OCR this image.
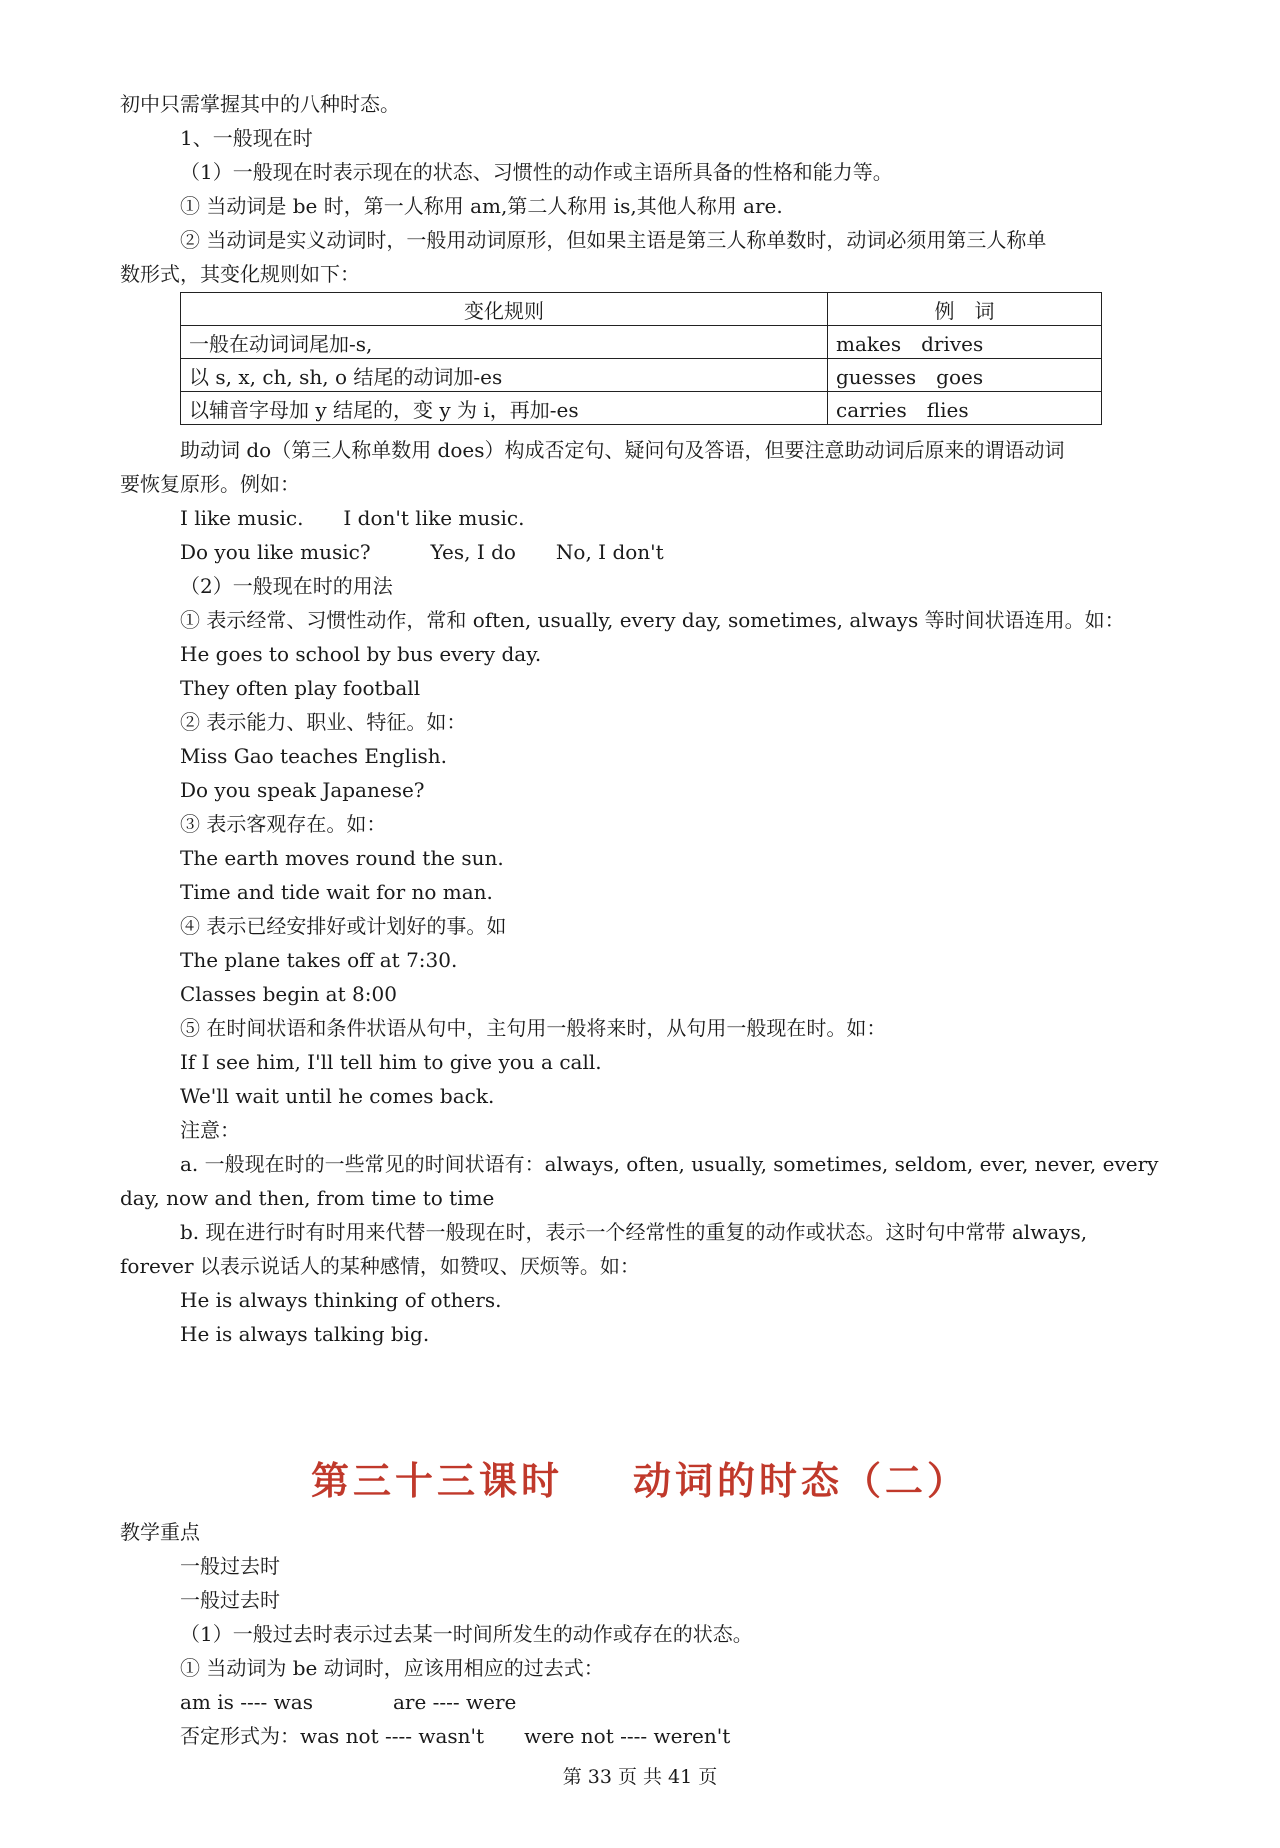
初中只需掌握其中的八种时态。
1、一般现在时
（1）一般现在时表示现在的状态、习惯性的动作或主语所具备的性格和能力等。
① 当动词是 be 时，第一人称用 am,第二人称用 is,其他人称用 are.
② 当动词是实义动词时，一般用动词原形，但如果主语是第三人称单数时，动词必须用第三人称单
数形式，其变化规则如下：
变化规则	例　词
一般在动词词尾加-s,	makes　drives
以 s, x, ch, sh, o 结尾的动词加-es	guesses　goes
以辅音字母加 y 结尾的，变 y 为 i，再加-es	carries　flies
助动词 do（第三人称单数用 does）构成否定句、疑问句及答语，但要注意助动词后原来的谓语动词
要恢复原形。例如：
I like music.　　I don't like music.
Do you like music?　　　Yes, I do　　No, I don't
（2）一般现在时的用法
① 表示经常、习惯性动作，常和 often, usually, every day, sometimes, always 等时间状语连用。如：
He goes to school by bus every day.
They often play football
② 表示能力、职业、特征。如：
Miss Gao teaches English.
Do you speak Japanese?
③ 表示客观存在。如：
The earth moves round the sun.
Time and tide wait for no man.
④ 表示已经安排好或计划好的事。如
The plane takes off at 7:30.
Classes begin at 8:00
⑤ 在时间状语和条件状语从句中，主句用一般将来时，从句用一般现在时。如：
If I see him, I'll tell him to give you a call.
We'll wait until he comes back.
注意：
a. 一般现在时的一些常见的时间状语有：always, often, usually, sometimes, seldom, ever, never, every
day, now and then, from time to time
b. 现在进行时有时用来代替一般现在时，表示一个经常性的重复的动作或状态。这时句中常带 always,
forever 以表示说话人的某种感情，如赞叹、厌烦等。如：
He is always thinking of others.
He is always talking big.
第三十三课时 动词的时态（二）
教学重点
一般过去时
一般过去时
（1）一般过去时表示过去某一时间所发生的动作或存在的状态。
① 当动词为 be 动词时，应该用相应的过去式：
am is ---- was　　　　are ---- were
否定形式为：was not ---- wasn't　　were not ---- weren't
第 33 页 共 41 页
